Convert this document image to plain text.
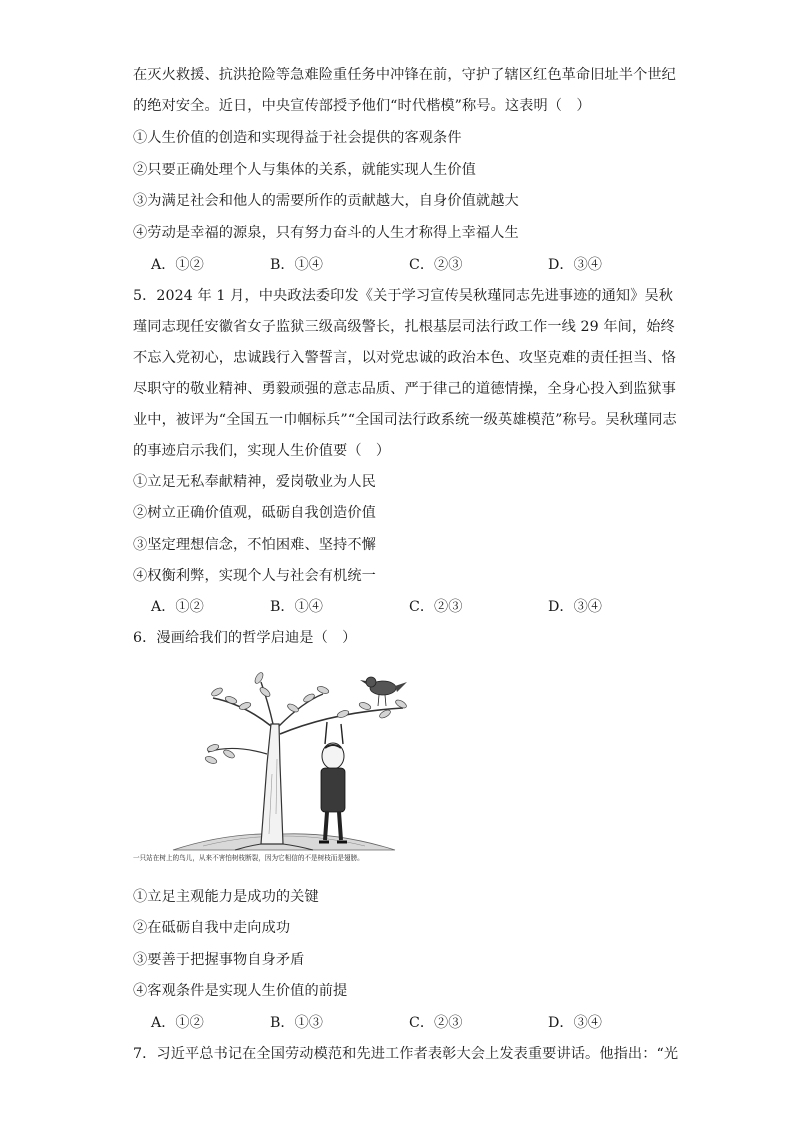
在灭火救援、抗洪抢险等急难险重任务中冲锋在前，守护了辖区红色革命旧址半个世纪
的绝对安全。近日，中央宣传部授予他们“时代楷模”称号。这表明（　）
①人生价值的创造和实现得益于社会提供的客观条件
②只要正确处理个人与集体的关系，就能实现人生价值
③为满足社会和他人的需要所作的贡献越大，自身价值就越大
④劳动是幸福的源泉，只有努力奋斗的人生才称得上幸福人生
A．①②	B．①④	C．②③	D．③④
5．2024 年 1 月，中央政法委印发《关于学习宣传吴秋瑾同志先进事迹的通知》吴秋
瑾同志现任安徽省女子监狱三级高级警长，扎根基层司法行政工作一线 29 年间，始终
不忘入党初心，忠诚践行入警誓言，以对党忠诚的政治本色、攻坚克难的责任担当、恪
尽职守的敬业精神、勇毅顽强的意志品质、严于律己的道德情操，全身心投入到监狱事
业中，被评为“全国五一巾帼标兵”“全国司法行政系统一级英雄模范”称号。吴秋瑾同志
的事迹启示我们，实现人生价值要（　）
①立足无私奉献精神，爱岗敬业为人民
②树立正确价值观，砥砺自我创造价值
③坚定理想信念，不怕困难、坚持不懈
④权衡利弊，实现个人与社会有机统一
A．①②	B．①④	C．②③	D．③④
6．漫画给我们的哲学启迪是（　）
一只站在树上的鸟儿，从来不害怕树枝断裂，因为它相信的不是树枝而是翅膀。
①立足主观能力是成功的关键
②在砥砺自我中走向成功
③要善于把握事物自身矛盾
④客观条件是实现人生价值的前提
A．①②	B．①③	C．②③	D．③④
7．习近平总书记在全国劳动模范和先进工作者表彰大会上发表重要讲话。他指出：“光
